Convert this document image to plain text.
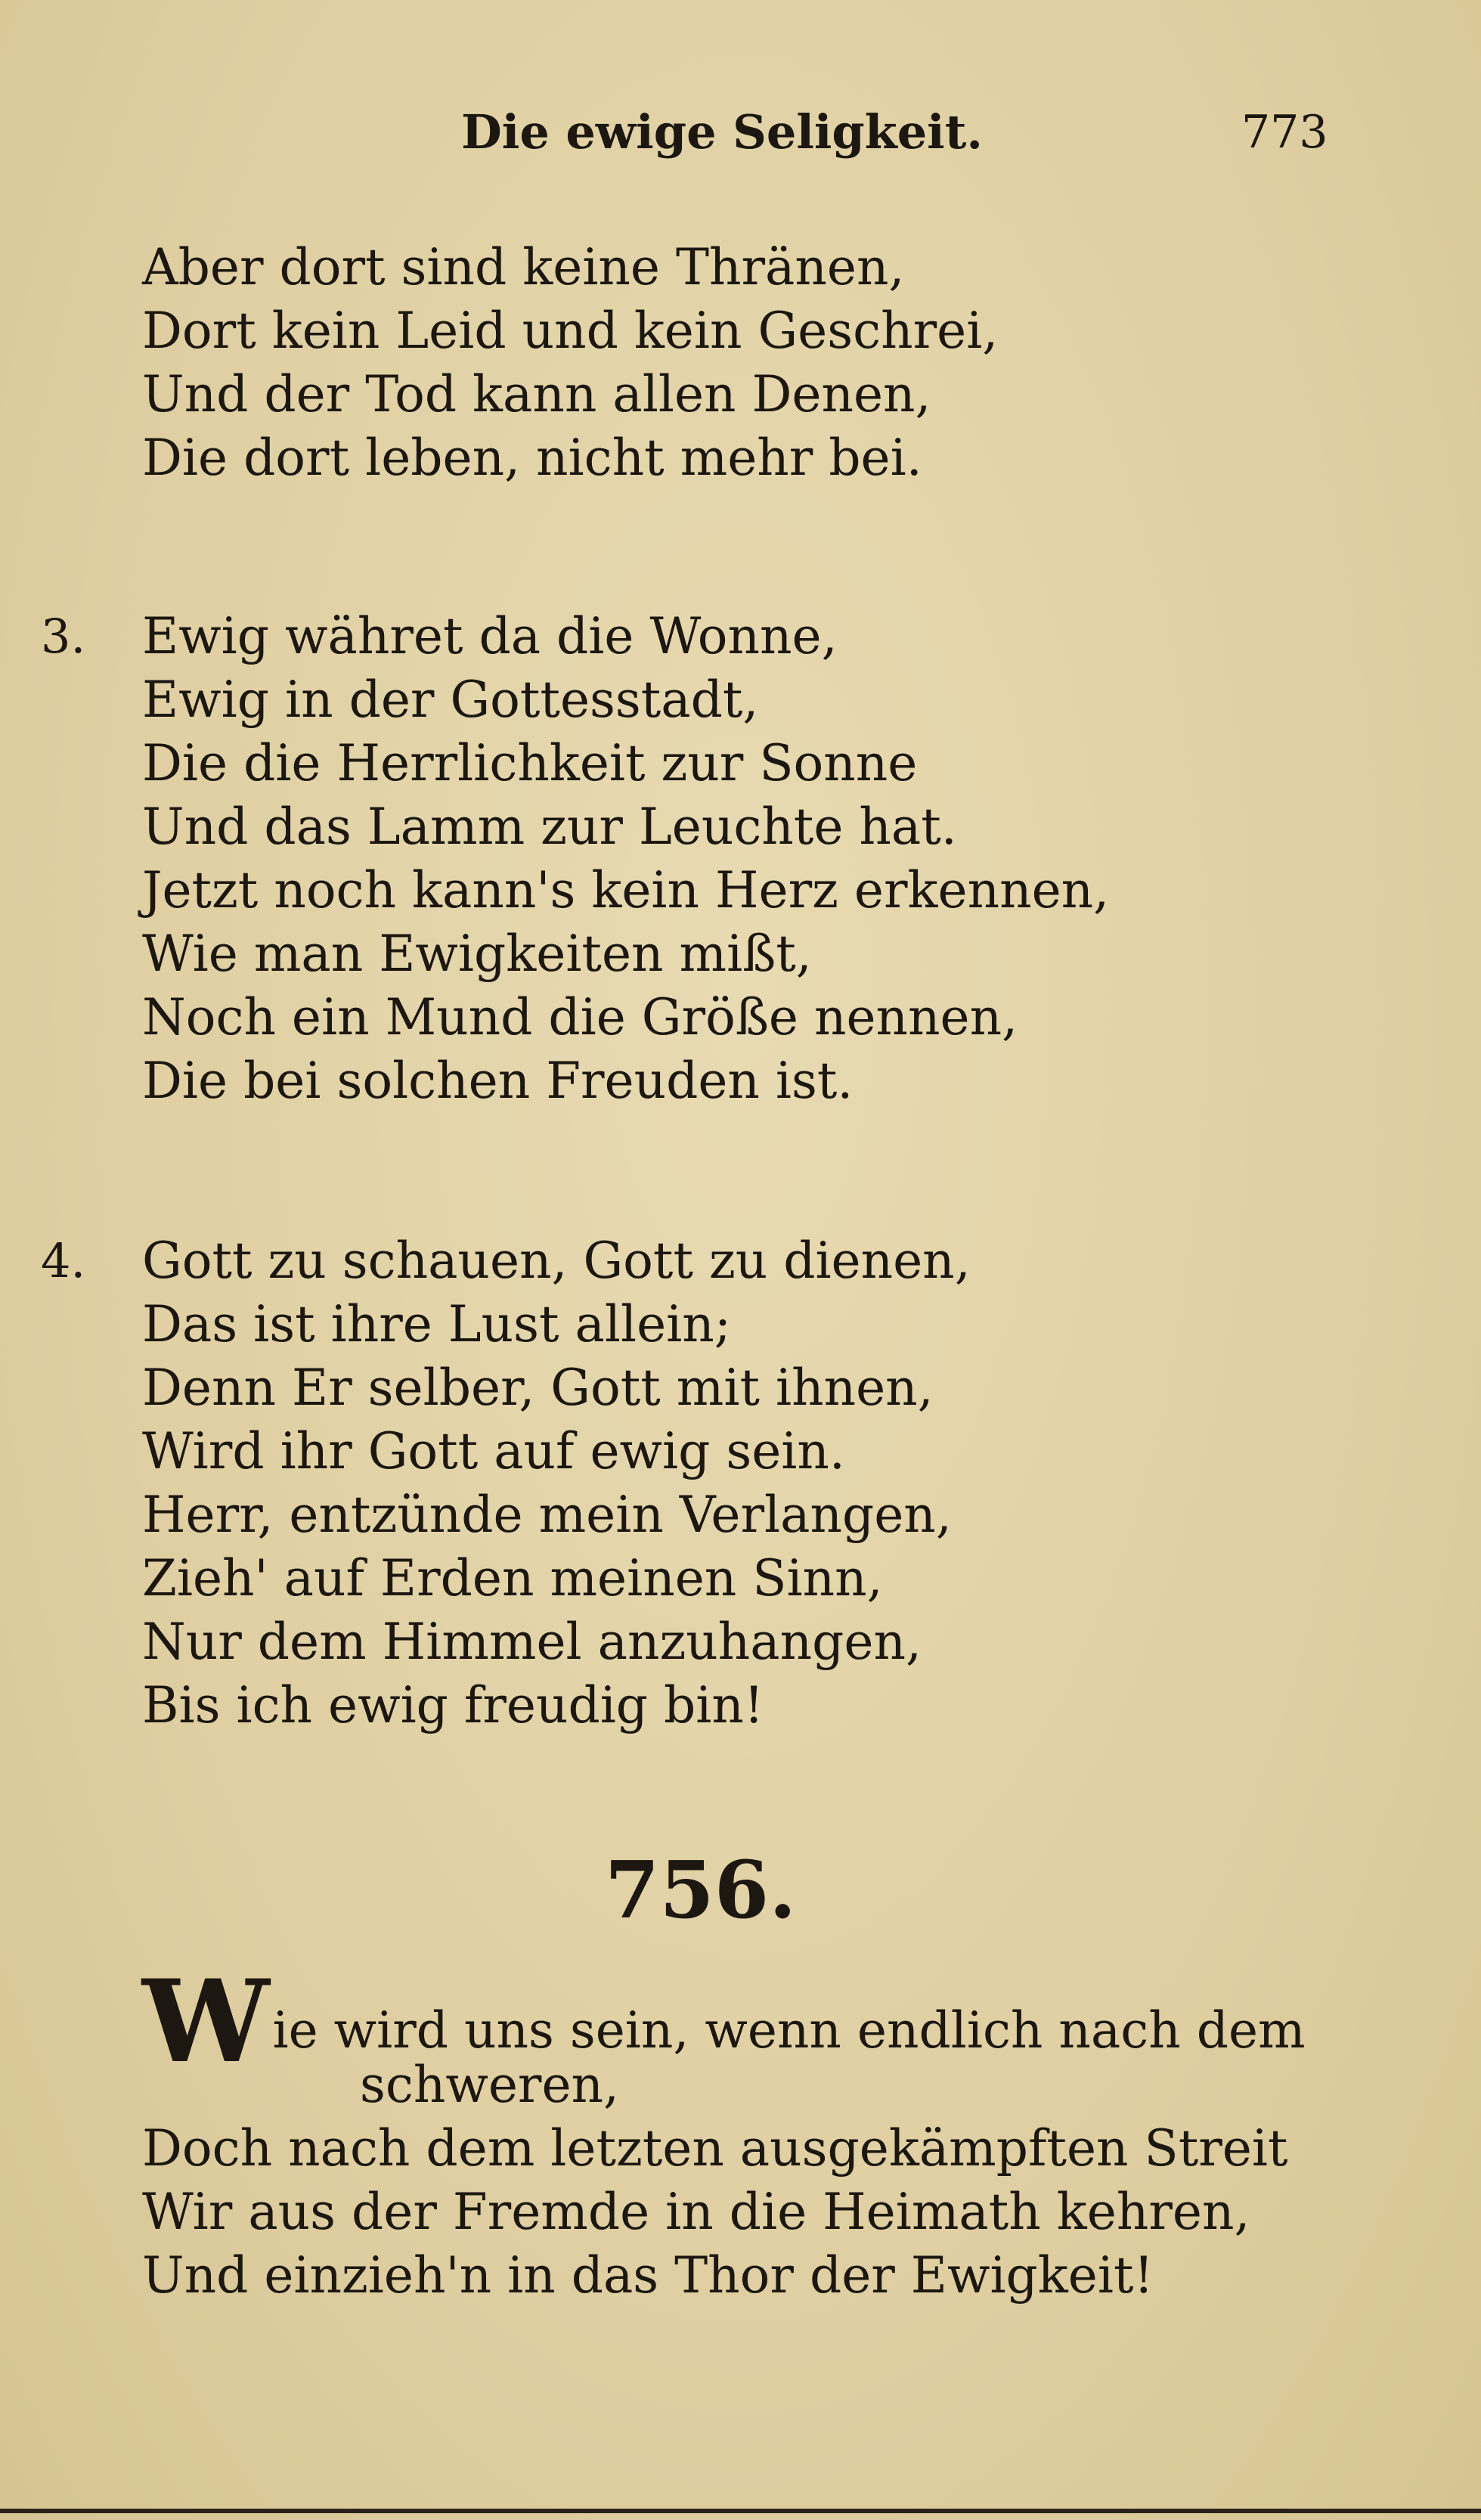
Die ewige Seligkeit.	773
Aber dort sind keine Thränen,
Dort kein Leid und kein Geschrei,
Und der Tod kann allen Denen,
Die dort leben, nicht mehr bei.
3. Ewig währet da die Wonne,
Ewig in der Gottesstadt,
Die die Herrlichkeit zur Sonne
Und das Lamm zur Leuchte hat.
Jetzt noch kann's kein Herz erkennen,
Wie man Ewigkeiten mißt,
Noch ein Mund die Größe nennen,
Die bei solchen Freuden ist.
4. Gott zu schauen, Gott zu dienen,
Das ist ihre Lust allein;
Denn Er selber, Gott mit ihnen,
Wird ihr Gott auf ewig sein.
Herr, entzünde mein Verlangen,
Zieh' auf Erden meinen Sinn,
Nur dem Himmel anzuhangen,
Bis ich ewig freudig bin!
756.
Wie wird uns sein, wenn endlich nach dem
schweren,
Doch nach dem letzten ausgekämpften Streit
Wir aus der Fremde in die Heimath kehren,
Und einzieh'n in das Thor der Ewigkeit!
